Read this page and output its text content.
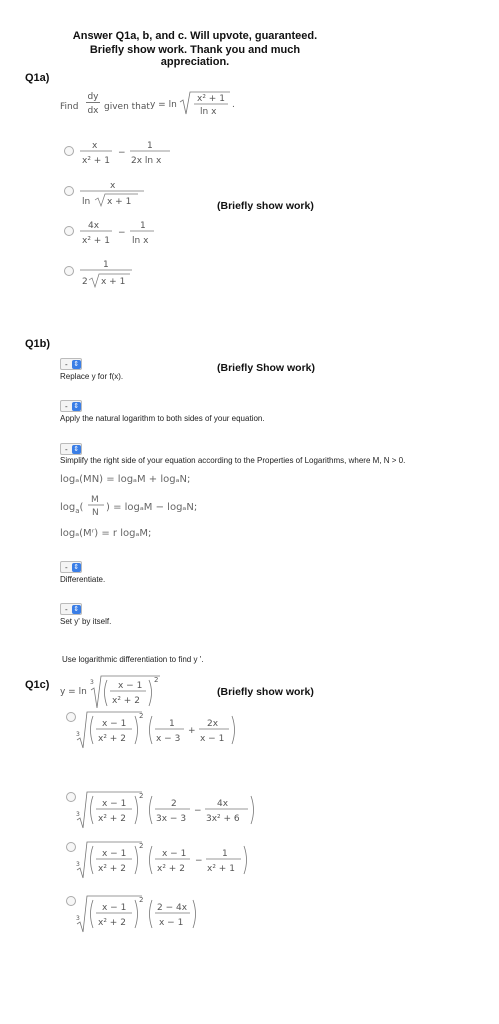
Answer Q1a, b, and c. Will upvote, guaranteed.
Briefly show work. Thank you and much appreciation.
Q1a)
Find
dy
dx given that y = ln
x² + 1
ln x
.
x
x² + 1
−
1
2x ln x
x
ln x + 1	(Briefly show work)
4x
x² + 1
−
1
ln x
1
2 x + 1
Q1b)
- ⇕	(Briefly Show work)
Replace y for f(x).
- ⇕
Apply the natural logarithm to both sides of your equation.
- ⇕
Simplify the right side of your equation according to the Properties of Logarithms, where M, N > 0.
logₐ(MN) = logₐM + logₐN;
$\log_a$(
M
N ) = logₐM − logₐN;
logₐ(Mʳ) = r logₐM;
- ⇕
Differentiate.
- ⇕
Set y' by itself.
Use logarithmic differentiation to find y '.
Q1c)
y = ln
3	x − 1
x² + 2
2
(Briefly show work)
3
x − 1
x² + 2
2
1
x − 3
+
2x
x − 1
3
x − 1
x² + 2
2
2
3x − 3
−
4x
3x² + 6
3
x − 1
x² + 2
2
x − 1
x² + 2
−
1
x² + 1
3
x − 1
x² + 2
2
2 − 4x
x − 1
